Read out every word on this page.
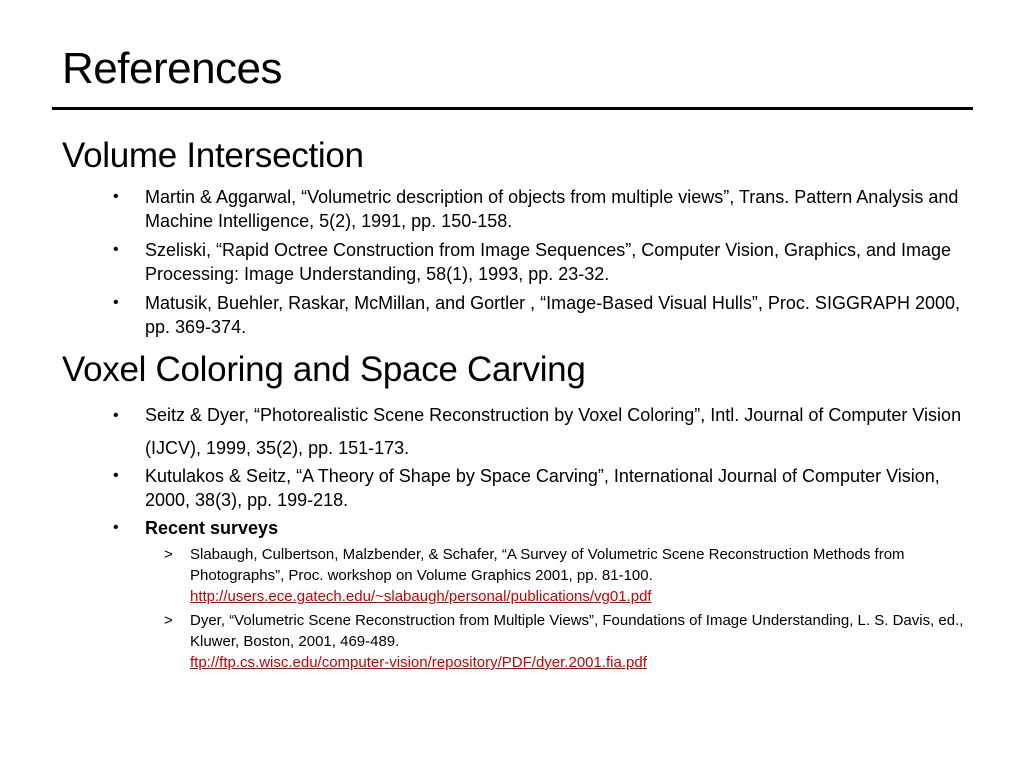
References
Volume Intersection
•	Martin & Aggarwal, “Volumetric description of objects from multiple views”, Trans. Pattern Analysis and Machine Intelligence, 5(2), 1991, pp. 150-158.
•	Szeliski, “Rapid Octree Construction from Image Sequences”, Computer Vision, Graphics, and Image Processing: Image Understanding, 58(1), 1993, pp. 23-32.
•	Matusik, Buehler, Raskar, McMillan, and Gortler , “Image-Based Visual Hulls”, Proc. SIGGRAPH 2000, pp. 369-374.
Voxel Coloring and Space Carving
•	Seitz & Dyer, “Photorealistic Scene Reconstruction by Voxel Coloring”, Intl. Journal of Computer Vision (IJCV), 1999, 35(2), pp. 151-173.
•	Kutulakos & Seitz, “A Theory of Shape by Space Carving”, International Journal of Computer Vision, 2000, 38(3), pp. 199-218.
•	Recent surveys
> Slabaugh, Culbertson, Malzbender, & Schafer, “A Survey of Volumetric Scene Reconstruction Methods from Photographs”, Proc. workshop on Volume Graphics 2001, pp. 81-100.
http://users.ece.gatech.edu/~slabaugh/personal/publications/vg01.pdf
> Dyer, “Volumetric Scene Reconstruction from Multiple Views”, Foundations of Image Understanding, L. S. Davis, ed., Kluwer, Boston, 2001, 469-489.
ftp://ftp.cs.wisc.edu/computer-vision/repository/PDF/dyer.2001.fia.pdf
